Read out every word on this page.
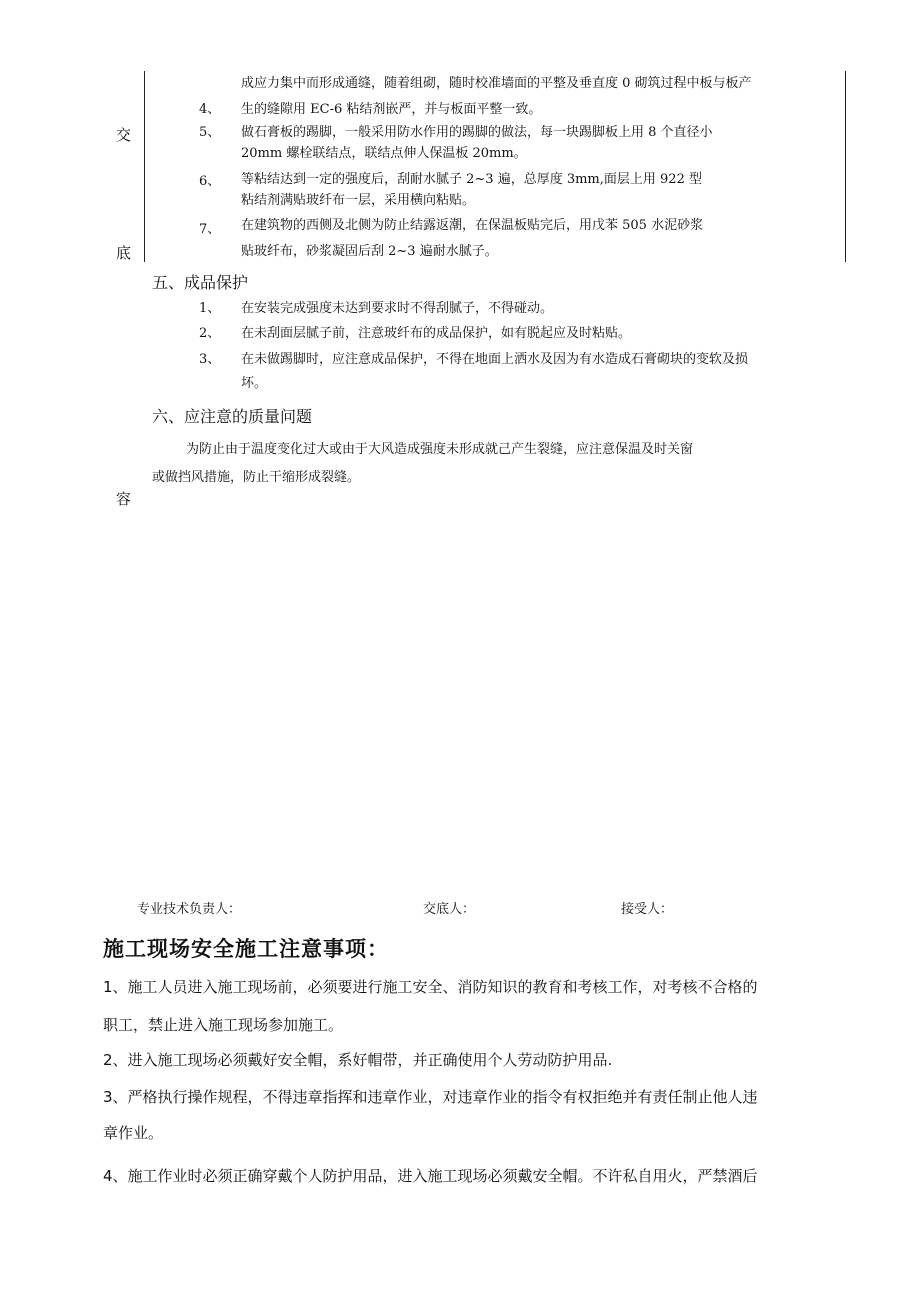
交
底
容
成应力集中而形成通缝，随着组砌，随时校准墙面的平整及垂直度 0 砌筑过程中板与板产
4、 生的缝隙用 EC-6 粘结剂嵌严，并与板面平整一致。
5、 做石膏板的踢脚，一般采用防水作用的踢脚的做法，每一块踢脚板上用 8 个直径小
20mm 螺栓联结点，联结点伸人保温板 20mm。
6、 等粘结达到一定的强度后，刮耐水腻子 2~3 遍，总厚度 3mm,面层上用 922 型
粘结剂满贴玻纤布一层，采用横向粘贴。
7、 在建筑物的西侧及北侧为防止结露返潮，在保温板贴完后，用戊苯 505 水泥砂浆
贴玻纤布，砂浆凝固后刮 2~3 遍耐水腻子。
五、成品保护
1、 在安装完成强度未达到要求时不得刮腻子，不得碰动。
2、 在未刮面层腻子前，注意玻纤布的成品保护，如有脱起应及时粘贴。
3、 在未做踢脚时，应注意成品保护，不得在地面上洒水及因为有水造成石膏砌块的变软及损
坏。
六、应注意的质量问题
为防止由于温度变化过大或由于大风造成强度未形成就己产生裂缝，应注意保温及时关窗
或做挡风措施，防止干缩形成裂缝。
专业技术负责人：	交底人：	接受人：
施工现场安全施工注意事项：
1、施工人员进入施工现场前，必须要进行施工安全、消防知识的教育和考核工作，对考核不合格的
职工，禁止进入施工现场参加施工。
2、进入施工现场必须戴好安全帽，系好帽带，并正确使用个人劳动防护用品.
3、严格执行操作规程，不得违章指挥和违章作业，对违章作业的指令有权拒绝并有责任制止他人违
章作业。
4、施工作业时必须正确穿戴个人防护用品，进入施工现场必须戴安全帽。不许私自用火，严禁酒后
